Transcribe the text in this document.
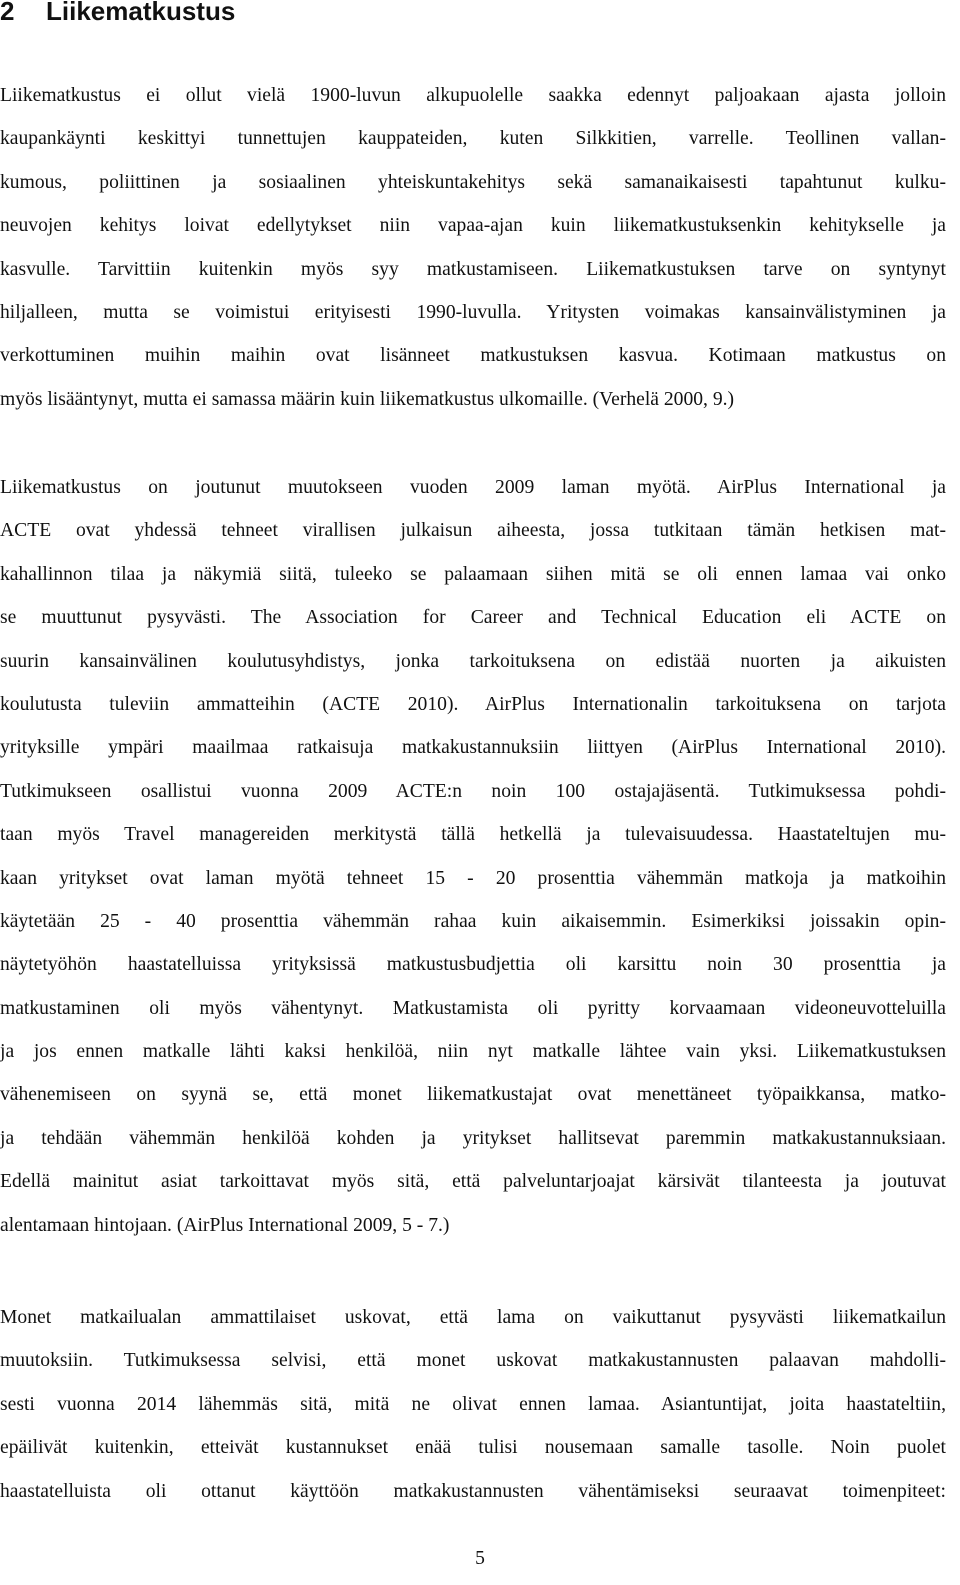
2 Liikematkustus

Liikematkustus ei ollut vielä 1900-luvun alkupuolelle saakka edennyt paljoakaan ajasta jolloin
kaupankäynti keskittyi tunnettujen kauppateiden, kuten Silkkitien, varrelle. Teollinen vallan-
kumous, poliittinen ja sosiaalinen yhteiskuntakehitys sekä samanaikaisesti tapahtunut kulku-
neuvojen kehitys loivat edellytykset niin vapaa-ajan kuin liikematkustuksenkin kehitykselle ja
kasvulle. Tarvittiin kuitenkin myös syy matkustamiseen. Liikematkustuksen tarve on syntynyt
hiljalleen, mutta se voimistui erityisesti 1990-luvulla. Yritysten voimakas kansainvälistyminen ja
verkottuminen muihin maihin ovat lisänneet matkustuksen kasvua. Kotimaan matkustus on
myös lisääntynyt, mutta ei samassa määrin kuin liikematkustus ulkomaille. (Verhelä 2000, 9.)

Liikematkustus on joutunut muutokseen vuoden 2009 laman myötä. AirPlus International ja
ACTE ovat yhdessä tehneet virallisen julkaisun aiheesta, jossa tutkitaan tämän hetkisen mat-
kahallinnon tilaa ja näkymiä siitä, tuleeko se palaamaan siihen mitä se oli ennen lamaa vai onko
se muuttunut pysyvästi. The Association for Career and Technical Education eli ACTE on
suurin kansainvälinen koulutusyhdistys, jonka tarkoituksena on edistää nuorten ja aikuisten
koulutusta tuleviin ammatteihin (ACTE 2010). AirPlus Internationalin tarkoituksena on tarjota
yrityksille ympäri maailmaa ratkaisuja matkakustannuksiin liittyen (AirPlus International 2010).
Tutkimukseen osallistui vuonna 2009 ACTE:n noin 100 ostajajäsentä. Tutkimuksessa pohdi-
taan myös Travel managereiden merkitystä tällä hetkellä ja tulevaisuudessa. Haastateltujen mu-
kaan yritykset ovat laman myötä tehneet 15 - 20 prosenttia vähemmän matkoja ja matkoihin
käytetään 25 - 40 prosenttia vähemmän rahaa kuin aikaisemmin. Esimerkiksi joissakin opin-
näytetyöhön haastatelluissa yrityksissä matkustusbudjettia oli karsittu noin 30 prosenttia ja
matkustaminen oli myös vähentynyt. Matkustamista oli pyritty korvaamaan videoneuvotteluilla
ja jos ennen matkalle lähti kaksi henkilöä, niin nyt matkalle lähtee vain yksi. Liikematkustuksen
vähenemiseen on syynä se, että monet liikematkustajat ovat menettäneet työpaikkansa, matko-
ja tehdään vähemmän henkilöä kohden ja yritykset hallitsevat paremmin matkakustannuksiaan.
Edellä mainitut asiat tarkoittavat myös sitä, että palveluntarjoajat kärsivät tilanteesta ja joutuvat
alentamaan hintojaan. (AirPlus International 2009, 5 - 7.)

Monet matkailualan ammattilaiset uskovat, että lama on vaikuttanut pysyvästi liikematkailun
muutoksiin. Tutkimuksessa selvisi, että monet uskovat matkakustannusten palaavan mahdolli-
sesti vuonna 2014 lähemmäs sitä, mitä ne olivat ennen lamaa. Asiantuntijat, joita haastateltiin,
epäilivät kuitenkin, etteivät kustannukset enää tulisi nousemaan samalle tasolle. Noin puolet
haastatelluista oli ottanut käyttöön matkakustannusten vähentämiseksi seuraavat toimenpiteet:

5
